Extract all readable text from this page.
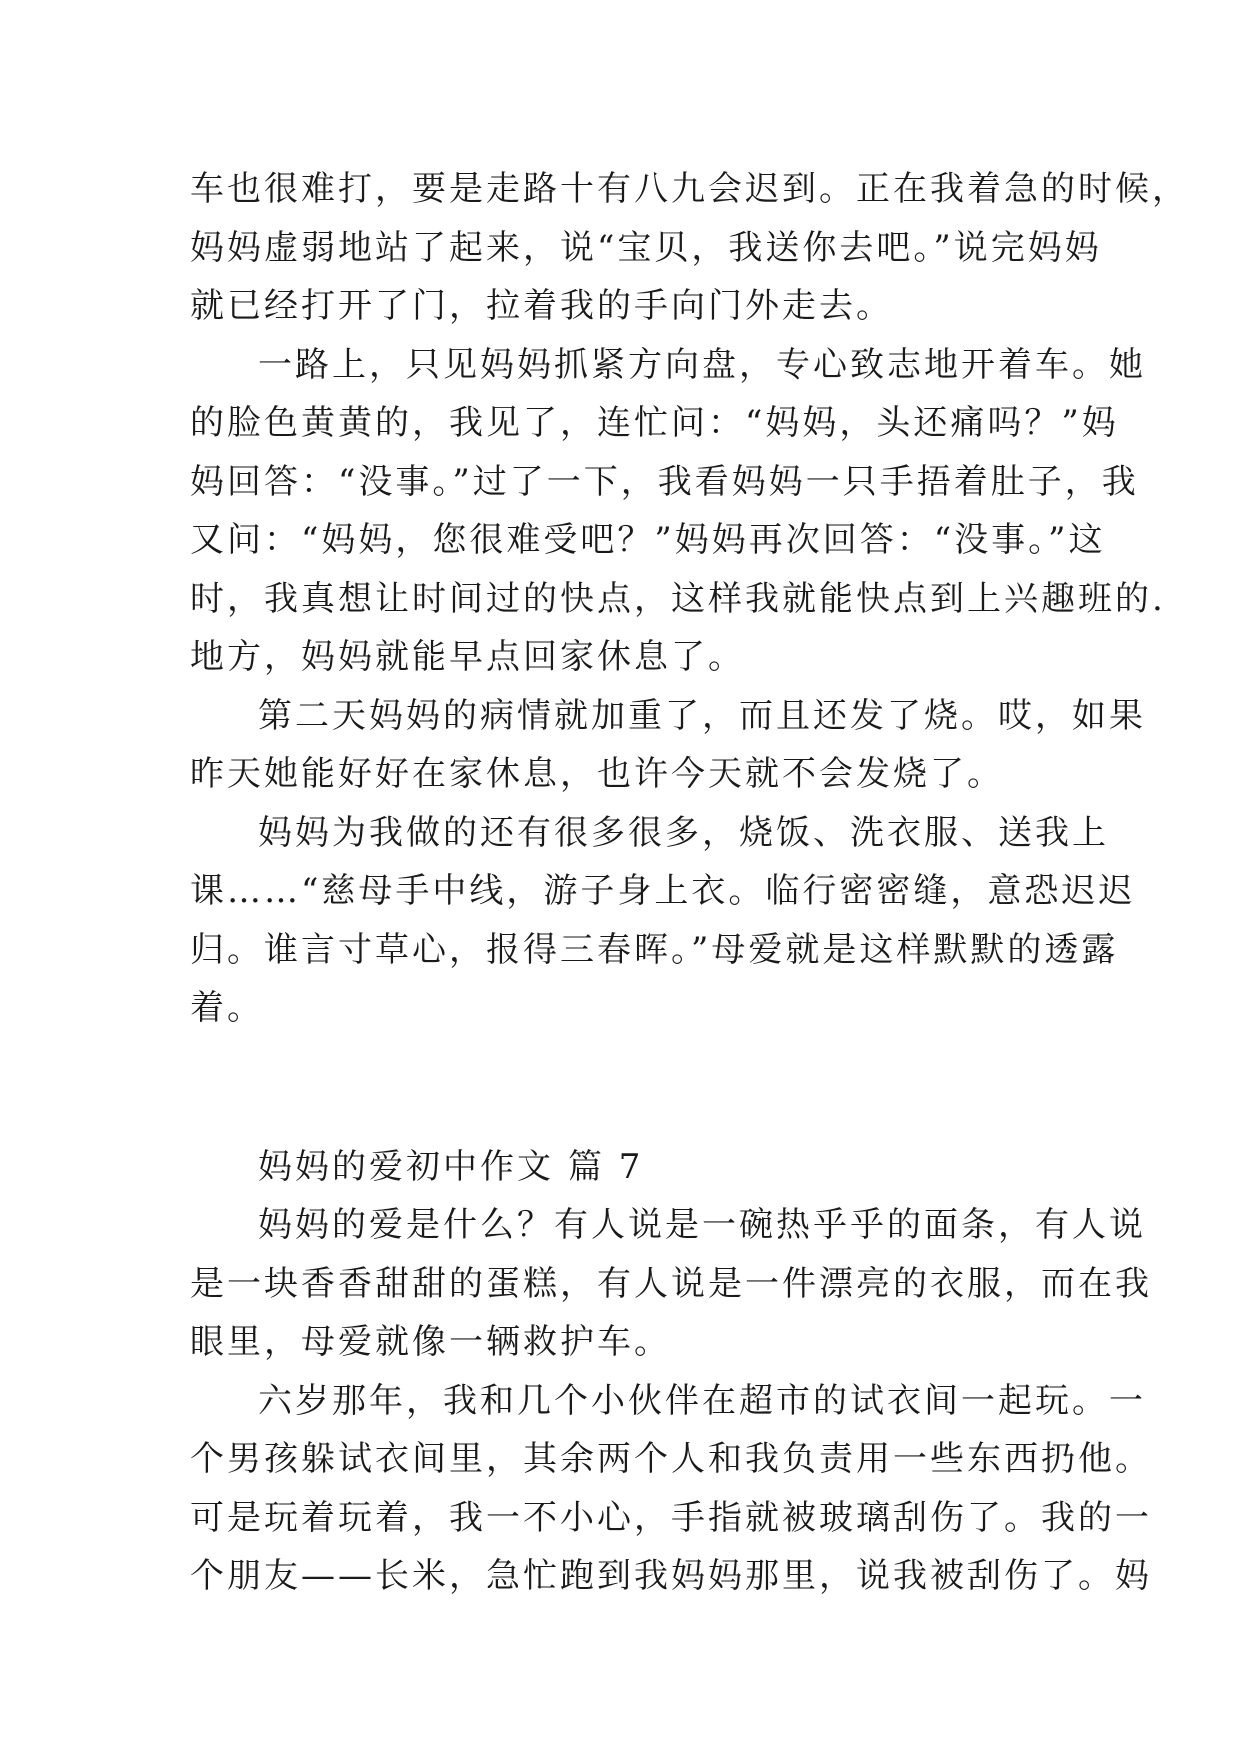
车也很难打，要是走路十有八九会迟到。正在我着急的时候，
妈妈虚弱地站了起来，说“宝贝，我送你去吧。”说完妈妈
就已经打开了门，拉着我的手向门外走去。
一路上，只见妈妈抓紧方向盘，专心致志地开着车。她
的脸色黄黄的，我见了，连忙问：“妈妈，头还痛吗？”妈
妈回答：“没事。”过了一下，我看妈妈一只手捂着肚子，我
又问：“妈妈，您很难受吧？”妈妈再次回答：“没事。”这
时，我真想让时间过的快点，这样我就能快点到上兴趣班的.
地方，妈妈就能早点回家休息了。
第二天妈妈的病情就加重了，而且还发了烧。哎，如果
昨天她能好好在家休息，也许今天就不会发烧了。
妈妈为我做的还有很多很多，烧饭、洗衣服、送我上
课……“慈母手中线，游子身上衣。临行密密缝，意恐迟迟
归。谁言寸草心，报得三春晖。”母爱就是这样默默的透露
着。
妈妈的爱初中作文 篇 7
妈妈的爱是什么？有人说是一碗热乎乎的面条，有人说
是一块香香甜甜的蛋糕，有人说是一件漂亮的衣服，而在我
眼里，母爱就像一辆救护车。
六岁那年，我和几个小伙伴在超市的试衣间一起玩。一
个男孩躲试衣间里，其余两个人和我负责用一些东西扔他。
可是玩着玩着，我一不小心，手指就被玻璃刮伤了。我的一
个朋友——长米，急忙跑到我妈妈那里，说我被刮伤了。妈
